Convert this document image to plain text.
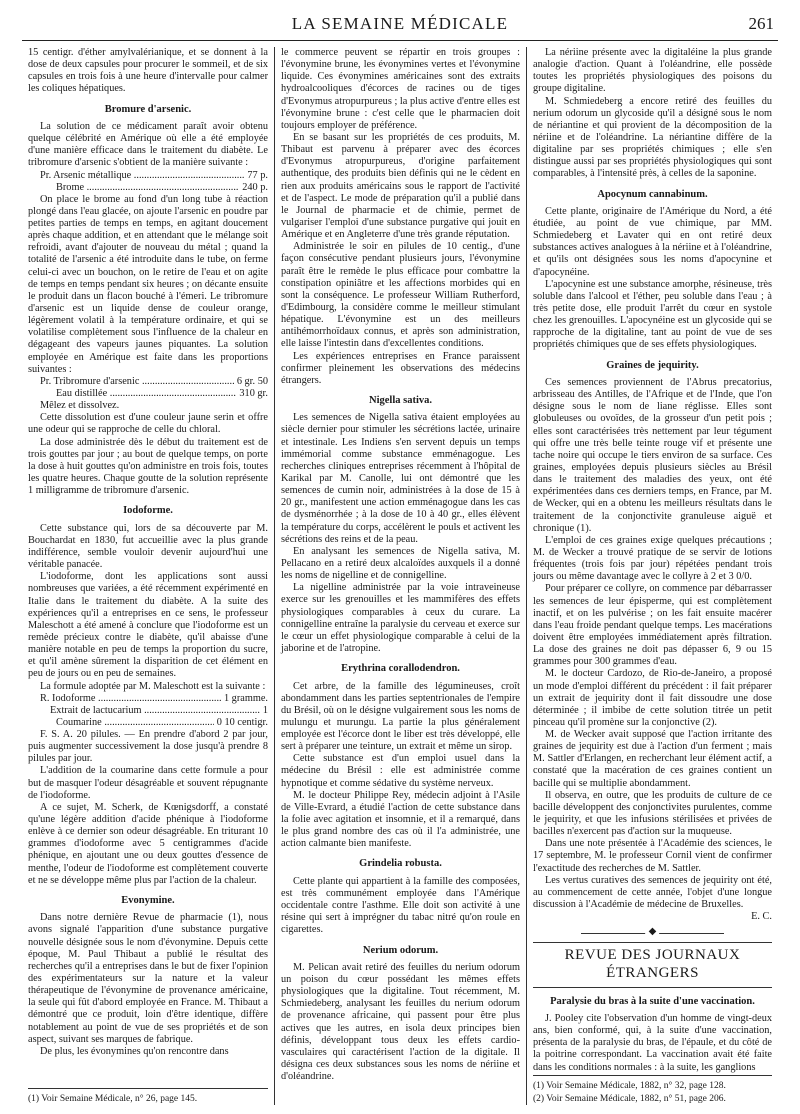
LA SEMAINE MÉDICALE	261

15 centigr. d'éther amylvalérianique, et se donnent à la dose de deux capsules pour procurer le sommeil, et de six capsules en trois fois à une heure d'intervalle pour calmer les coliques hépatiques.

Bromure d'arsenic.

La solution de ce médicament paraît avoir obtenu quelque célébrité en Amérique où elle a été employée d'une manière efficace dans le traitement du diabète. Le tribromure d'arsenic s'obtient de la manière suivante :

Pr. Arsenic métallique .....	77 p.
Brome .....	240 p.

On place le brome au fond d'un long tube à réaction plongé dans l'eau glacée, on ajoute l'arsenic en poudre par petites parties de temps en temps, en agitant doucement après chaque addition, et en attendant que le mélange soit refroidi, avant d'ajouter de nouveau du métal ; quand la totalité de l'arsenic a été introduite dans le tube, on ferme celui-ci avec un bouchon, on le retire de l'eau et on agite de temps en temps pendant six heures ; on décante ensuite le produit dans un flacon bouché à l'émeri. Le tribromure d'arsenic est un liquide dense de couleur orange, légèrement volatil à la température ordinaire, et qui se volatilise complètement sous l'influence de la chaleur en dégageant des vapeurs jaunes piquantes. La solution employée en Amérique est faite dans les proportions suivantes :

Pr. Tribromure d'arsenic .....	6 gr. 50
Eau distillée .....	310 gr.

Mêlez et dissolvez.

Cette dissolution est d'une couleur jaune serin et offre une odeur qui se rapproche de celle du chloral.

La dose administrée dès le début du traitement est de trois gouttes par jour ; au bout de quelque temps, on porte la dose à huit gouttes qu'on administre en trois fois, toutes les quatre heures. Chaque goutte de la solution représente 1 milligramme de tribromure d'arsenic.

Iodoforme.

Cette substance qui, lors de sa découverte par M. Bouchardat en 1830, fut accueillie avec la plus grande indifférence, semble vouloir devenir aujourd'hui une véritable panacée.

L'iodoforme, dont les applications sont aussi nombreuses que variées, a été récemment expérimenté en Italie dans le traitement du diabète. A la suite des expériences qu'il a entreprises en ce sens, le professeur Maleschott a été amené à conclure que l'iodoforme est un remède précieux contre le diabète, qu'il abaisse d'une manière notable en peu de temps la proportion du sucre, et qu'il amène sûrement la disparition de cet élément en peu de jours ou en peu de semaines.

La formule adoptée par M. Maleschott est la suivante :

R. Iodoforme .....	1 gramme.
Extrait de lactucarium .....	1
Coumarine .....	0 10 centigr.

F. S. A. 20 pilules. — En prendre d'abord 2 par jour, puis augmenter successivement la dose jusqu'à prendre 8 pilules par jour.

L'addition de la coumarine dans cette formule a pour but de masquer l'odeur désagréable et souvent répugnante de l'iodoforme.

A ce sujet, M. Scherk, de Kœnigsdorff, a constaté qu'une légère addition d'acide phénique à l'iodoforme enlève à ce dernier son odeur désagréable. En triturant 10 grammes d'iodoforme avec 5 centigrammes d'acide phénique, en ajoutant une ou deux gouttes d'essence de menthe, l'odeur de l'iodoforme est complètement couverte et ne se développe même plus par l'action de la chaleur.

Evonymine.

Dans notre dernière Revue de pharmacie (1), nous avons signalé l'apparition d'une substance purgative nouvelle désignée sous le nom d'évonymine. Depuis cette époque, M. Paul Thibaut a publié le résultat des recherches qu'il a entreprises dans le but de fixer l'opinion des expérimentateurs sur la nature et la valeur thérapeutique de l'évonymine de provenance américaine, la seule qui fût d'abord employée en France. M. Thibaut a démontré que ce produit, loin d'être identique, diffère notablement au point de vue de ses propriétés et de son aspect, suivant ses marques de fabrique.

De plus, les évonymines qu'on rencontre dans

(1) Voir Semaine Médicale, n° 26, page 145.

le commerce peuvent se répartir en trois groupes : l'évonymine brune, les évonymines vertes et l'évonymine liquide. Ces évonymines américaines sont des extraits hydroalcooliques d'écorces de racines ou de tiges d'Evonymus atropurpureus ; la plus active d'entre elles est l'évonymine brune : c'est celle que le pharmacien doit toujours employer de préférence.

En se basant sur les propriétés de ces produits, M. Thibaut est parvenu à préparer avec des écorces d'Evonymus atropurpureus, d'origine parfaitement authentique, des produits bien définis qui ne le cèdent en rien aux produits américains sous le rapport de l'activité et de l'aspect. Le mode de préparation qu'il a publié dans le Journal de pharmacie et de chimie, permet de vulgariser l'emploi d'une substance purgative qui jouit en Amérique et en Angleterre d'une très grande réputation.

Administrée le soir en pilules de 10 centig., d'une façon consécutive pendant plusieurs jours, l'évonymine paraît être le remède le plus efficace pour combattre la constipation opiniâtre et les affections morbides qui en sont la conséquence. Le professeur William Rutherford, d'Edimbourg, la considère comme le meilleur stimulant hépatique. L'évonymine est un des meilleurs antihémorrhoïdaux connus, et après son administration, elle laisse l'intestin dans d'excellentes conditions.

Les expériences entreprises en France paraissent confirmer pleinement les observations des médecins étrangers.

Nigella sativa.

Les semences de Nigella sativa étaient employées au siècle dernier pour stimuler les sécrétions lactée, urinaire et intestinale. Les Indiens s'en servent depuis un temps immémorial comme substance emménagogue. Les recherches cliniques entreprises récemment à l'hôpital de Karikal par M. Canolle, lui ont démontré que les semences de cumin noir, administrées à la dose de 15 à 20 gr., manifestent une action emménagogue dans les cas de dysménorrhée ; à la dose de 10 à 40 gr., elles élèvent la température du corps, accélèrent le pouls et activent les sécrétions des reins et de la peau.

En analysant les semences de Nigella sativa, M. Pellacano en a retiré deux alcaloïdes auxquels il a donné les noms de nigelline et de connigelline.

La nigelline administrée par la voie intraveineuse exerce sur les grenouilles et les mammifères des effets physiologiques comparables à ceux du curare. La connigelline entraîne la paralysie du cerveau et exerce sur le cœur un effet physiologique comparable à celui de la jaborine et de l'atropine.

Erythrina corallodendron.

Cet arbre, de la famille des légumineuses, croît abondamment dans les parties septentrionales de l'empire du Brésil, où on le désigne vulgairement sous les noms de mulungu et murungu. La partie la plus généralement employée est l'écorce dont le liber est très développé, elle sert à préparer une teinture, un extrait et même un sirop.

Cette substance est d'un emploi usuel dans la médecine du Brésil : elle est administrée comme hypnotique et comme sédative du système nerveux.

M. le docteur Philippe Rey, médecin adjoint à l'Asile de Ville-Evrard, a étudié l'action de cette substance dans la folie avec agitation et insomnie, et il a remarqué, dans le plus grand nombre des cas où il l'a administrée, une action calmante bien manifeste.

Grindelia robusta.

Cette plante qui appartient à la famille des composées, est très communément employée dans l'Amérique occidentale contre l'asthme. Elle doit son activité à une résine qui sert à imprégner du tabac nitré qu'on roule en cigarettes.

Nerium odorum.

M. Pelican avait retiré des feuilles du nerium odorum un poison du cœur possédant les mêmes effets physiologiques que la digitaline. Tout récemment, M. Schmiedeberg, analysant les feuilles du nerium odorum de provenance africaine, qui passent pour être plus actives que les autres, en isola deux principes bien définis, développant tous deux les effets cardio-vasculaires qui caractérisent l'action de la digitale. Il désigna ces deux substances sous les noms de nériine et d'oléandrine.

La nériine présente avec la digitaléine la plus grande analogie d'action. Quant à l'oléandrine, elle possède toutes les propriétés physiologiques des poisons du groupe digitaline.

M. Schmiedeberg a encore retiré des feuilles du nerium odorum un glycoside qu'il a désigné sous le nom de nériantine et qui provient de la décomposition de la nériine et de l'oléandrine. La nériantine diffère de la digitaline par ses propriétés chimiques ; elle s'en distingue aussi par ses propriétés physiologiques qui sont comparables, à l'intensité près, à celles de la saponine.

Apocynum cannabinum.

Cette plante, originaire de l'Amérique du Nord, a été étudiée, au point de vue chimique, par MM. Schmiedeberg et Lavater qui en ont retiré deux substances actives analogues à la nériine et à l'oléandrine, et qu'ils ont désignées sous les noms d'apocynine et d'apocynéine.

L'apocynine est une substance amorphe, résineuse, très soluble dans l'alcool et l'éther, peu soluble dans l'eau ; à très petite dose, elle produit l'arrêt du cœur en systole chez les grenouilles. L'apocynéine est un glycoside qui se rapproche de la digitaline, tant au point de vue de ses propriétés chimiques que de ses effets physiologiques.

Graines de jequirity.

Ces semences proviennent de l'Abrus precatorius, arbrisseau des Antilles, de l'Afrique et de l'Inde, que l'on désigne sous le nom de liane réglisse. Elles sont globuleuses ou ovoïdes, de la grosseur d'un petit pois ; elles sont caractérisées très nettement par leur tégument qui offre une très belle teinte rouge vif et présente une tache noire qui occupe le tiers environ de sa surface. Ces graines, employées depuis plusieurs siècles au Brésil dans le traitement des maladies des yeux, ont été expérimentées dans ces derniers temps, en France, par M. de Wecker, qui en a obtenu les meilleurs résultats dans le traitement de la conjonctivite granuleuse aiguë et chronique (1).

L'emploi de ces graines exige quelques précautions ; M. de Wecker a trouvé pratique de se servir de lotions fréquentes (trois fois par jour) répétées pendant trois jours ou même davantage avec le collyre à 2 et 3 0/0.

Pour préparer ce collyre, on commence par débarrasser les semences de leur épisperme, qui est complètement inactif, et on les pulvérise ; on les fait ensuite macérer dans l'eau froide pendant quelque temps. Les macérations doivent être employées immédiatement après filtration. La dose des graines ne doit pas dépasser 6, 9 ou 15 grammes pour 300 grammes d'eau.

M. le docteur Cardozo, de Rio-de-Janeiro, a proposé un mode d'emploi différent du précédent : il fait préparer un extrait de jequirity dont il fait dissoudre une dose déterminée ; il imbibe de cette solution titrée un petit pinceau qu'il promène sur la conjonctive (2).

M. de Wecker avait supposé que l'action irritante des graines de jequirity est due à l'action d'un ferment ; mais M. Sattler d'Erlangen, en recherchant leur élément actif, a constaté que la macération de ces graines contient un bacille qui se multiplie abondamment.

Il observa, en outre, que les produits de culture de ce bacille développent des conjonctivites purulentes, comme le jequirity, et que les infusions stérilisées et privées de bacilles n'exercent pas d'action sur la muqueuse.

Dans une note présentée à l'Académie des sciences, le 17 septembre, M. le professeur Cornil vient de confirmer l'exactitude des recherches de M. Sattler.

Les vertus curatives des semences de jequirity ont été, au commencement de cette année, l'objet d'une longue discussion à l'Académie de médecine de Bruxelles.

E. C.

◆
REVUE DES JOURNAUX ÉTRANGERS
Paralysie du bras à la suite d'une vaccination.

J. Pooley cite l'observation d'un homme de vingt-deux ans, bien conformé, qui, à la suite d'une vaccination, présenta de la paralysie du bras, de l'épaule, et du côté de la poitrine correspondant. La vaccination avait été faite dans les conditions normales : à la suite, les ganglions

(1) Voir Semaine Médicale, 1882, n° 32, page 128.

(2) Voir Semaine Médicale, 1882, n° 51, page 206.
